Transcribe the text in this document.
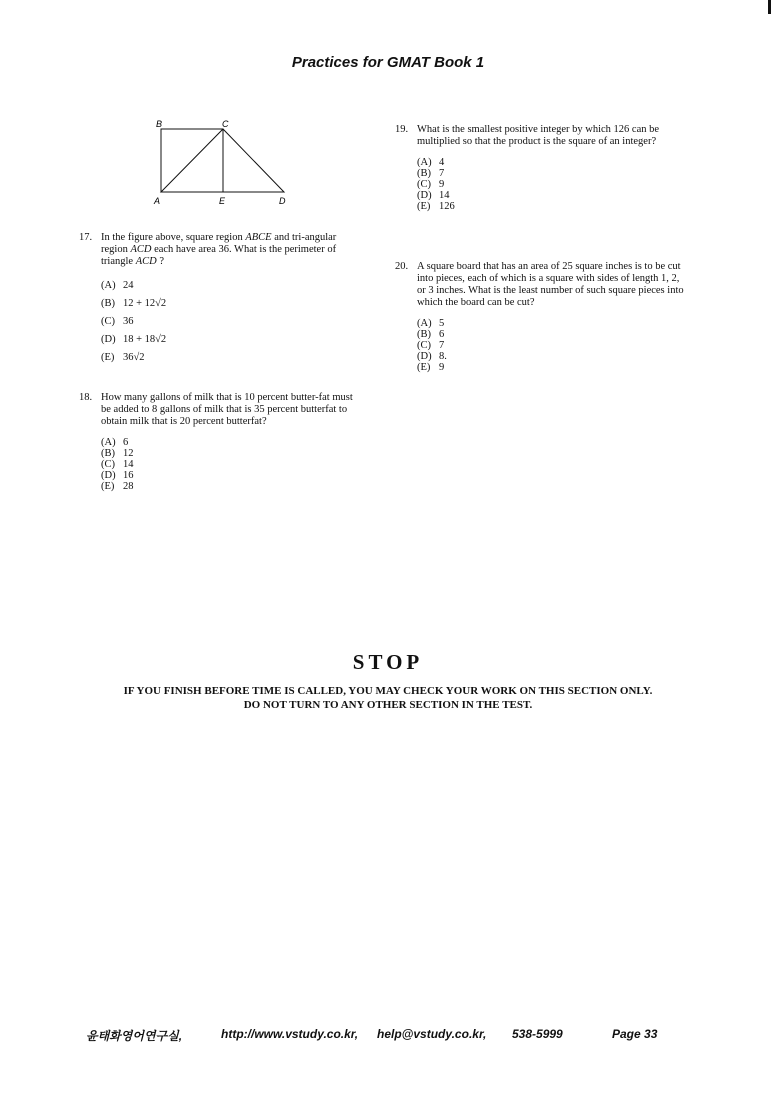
Practices for GMAT Book 1
B	C
A	E	D
17. In the figure above, square region ABCE and tri-angular region ACD each have area 36. What is the perimeter of triangle ACD ?

(A) 24
(B) 12 + 12√2
(C) 36
(D) 18 + 18√2
(E) 36√2
18. How many gallons of milk that is 10 percent butter-fat must be added to 8 gallons of milk that is 35 percent butterfat to obtain milk that is 20 percent butterfat?

(A) 6
(B) 12
(C) 14
(D) 16
(E) 28
19. What is the smallest positive integer by which 126 can be multiplied so that the product is the square of an integer?

(A) 4
(B) 7
(C) 9
(D) 14
(E) 126
20. A square board that has an area of 25 square inches is to be cut into pieces, each of which is a square with sides of length 1, 2, or 3 inches. What is the least number of such square pieces into which the board can be cut?

(A) 5
(B) 6
(C) 7
(D) 8.
(E) 9
STOP
IF YOU FINISH BEFORE TIME IS CALLED, YOU MAY CHECK YOUR WORK ON THIS SECTION ONLY.
DO NOT TURN TO ANY OTHER SECTION IN THE TEST.
윤태화영어연구실,	http://www.vstudy.co.kr, help@vstudy.co.kr, 538-5999	Page 33
